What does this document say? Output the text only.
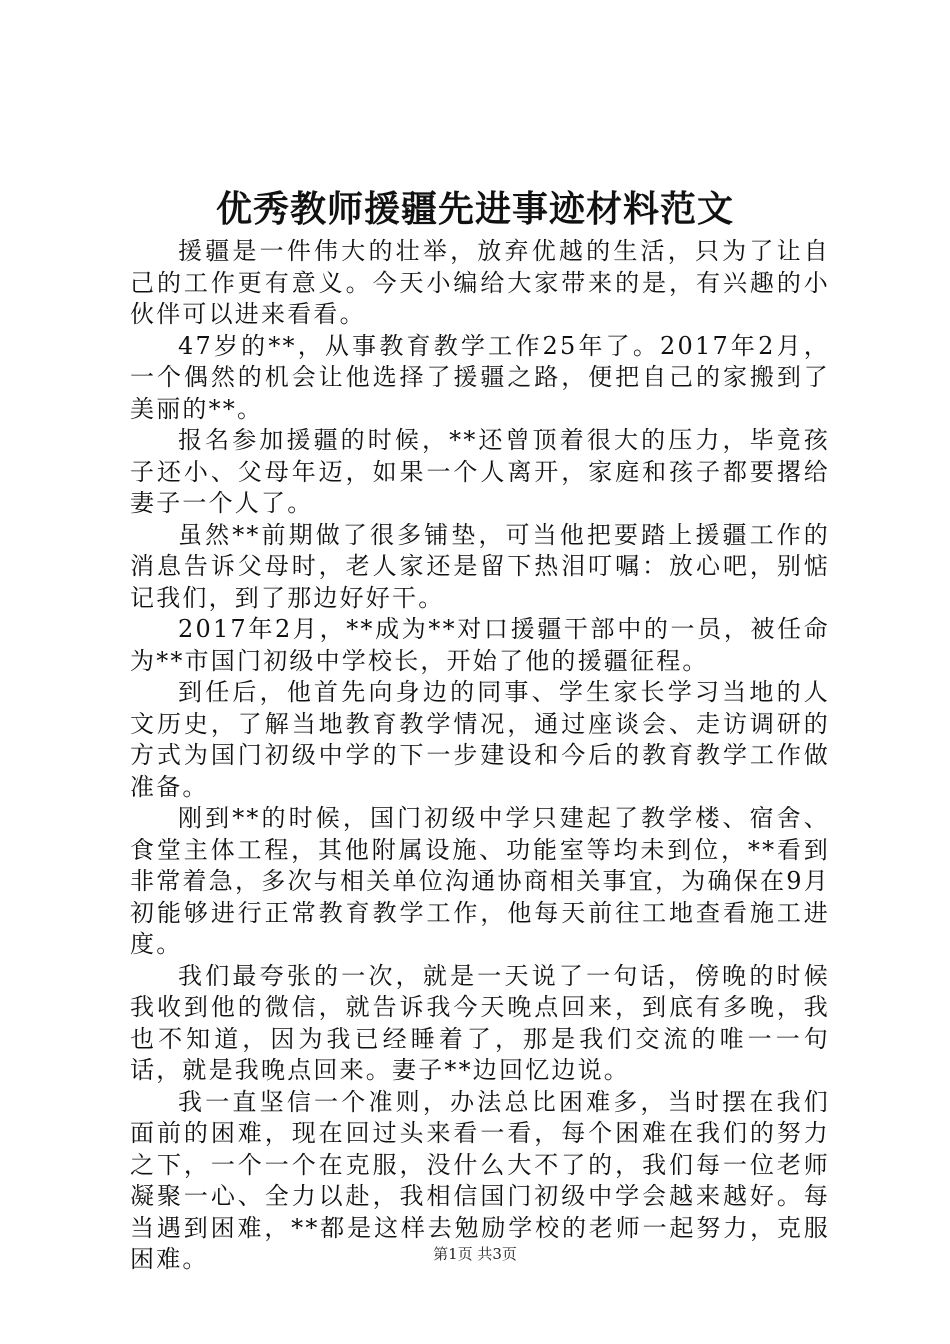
优秀教师援疆先进事迹材料范文

援疆是一件伟大的壮举，放弃优越的生活，只为了让自己的工作更有意义。今天小编给大家带来的是，有兴趣的小伙伴可以进来看看。

47岁的**，从事教育教学工作25年了。2017年2月，一个偶然的机会让他选择了援疆之路，便把自己的家搬到了美丽的**。

报名参加援疆的时候，**还曾顶着很大的压力，毕竟孩子还小、父母年迈，如果一个人离开，家庭和孩子都要撂给妻子一个人了。

虽然**前期做了很多铺垫，可当他把要踏上援疆工作的消息告诉父母时，老人家还是留下热泪叮嘱：放心吧，别惦记我们，到了那边好好干。

2017年2月，**成为**对口援疆干部中的一员，被任命为**市国门初级中学校长，开始了他的援疆征程。

到任后，他首先向身边的同事、学生家长学习当地的人文历史，了解当地教育教学情况，通过座谈会、走访调研的方式为国门初级中学的下一步建设和今后的教育教学工作做准备。

刚到**的时候，国门初级中学只建起了教学楼、宿舍、食堂主体工程，其他附属设施、功能室等均未到位，**看到非常着急，多次与相关单位沟通协商相关事宜，为确保在9月初能够进行正常教育教学工作，他每天前往工地查看施工进度。

我们最夸张的一次，就是一天说了一句话，傍晚的时候我收到他的微信，就告诉我今天晚点回来，到底有多晚，我也不知道，因为我已经睡着了，那是我们交流的唯一一句话，就是我晚点回来。妻子**边回忆边说。

我一直坚信一个准则，办法总比困难多，当时摆在我们面前的困难，现在回过头来看一看，每个困难在我们的努力之下，一个一个在克服，没什么大不了的，我们每一位老师凝聚一心、全力以赴，我相信国门初级中学会越来越好。每当遇到困难，**都是这样去勉励学校的老师一起努力，克服困难。	第1页 共3页
